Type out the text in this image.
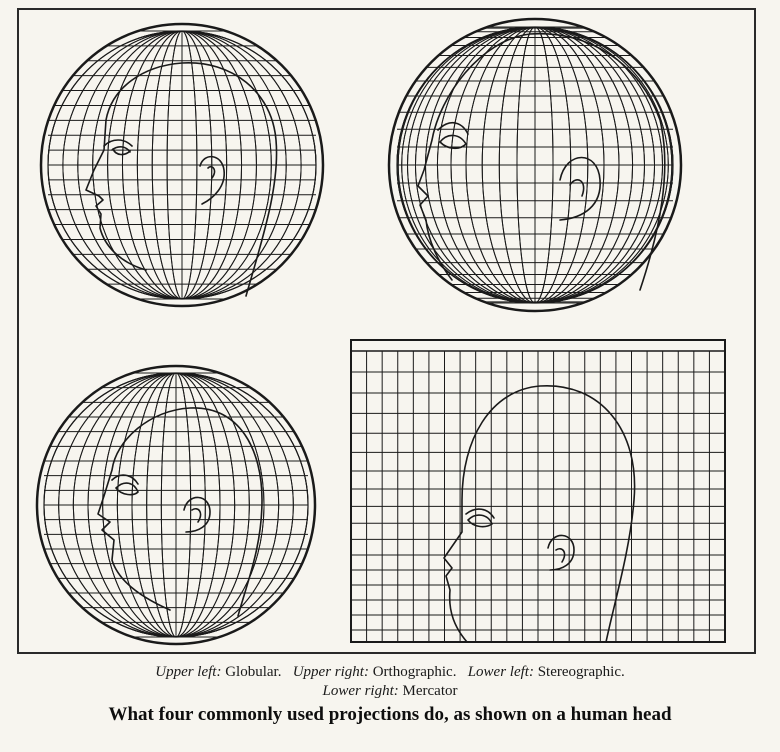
Upper left: Globular. Upper right: Orthographic. Lower left: Stereographic.
Lower right: Mercator
What four commonly used projections do, as shown on a human head
